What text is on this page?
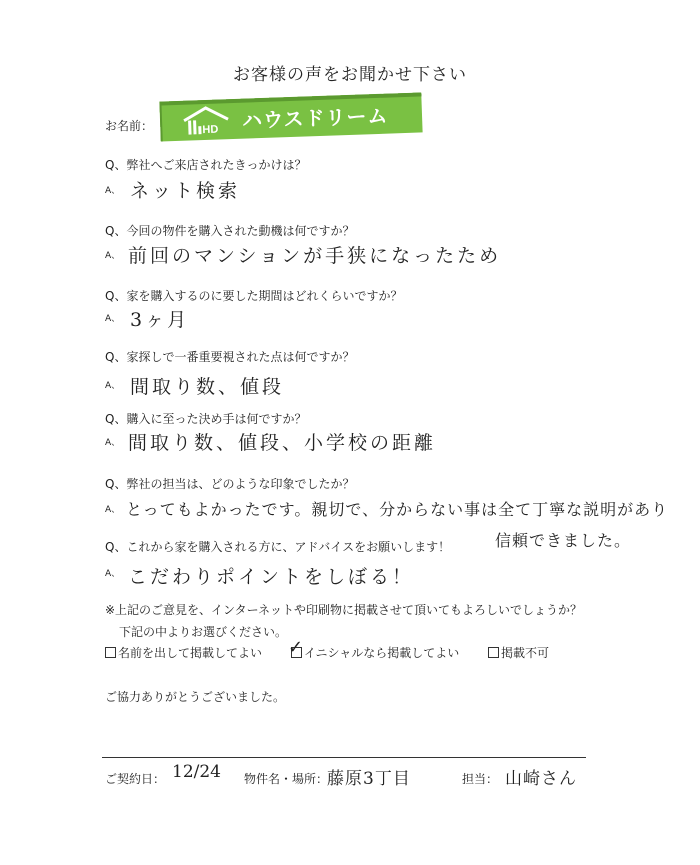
お客様の声をお聞かせ下さい
お名前：	HD ハウスドリーム
Q、弊社へご来店されたきっかけは？
A、 ネット検索
Q、今回の物件を購入された動機は何ですか？
A、 前回のマンションが手狭になったため
Q、家を購入するのに要した期間はどれくらいですか？
A、 3ヶ月
Q、家探しで一番重要視された点は何ですか？
A、 間取り数、値段
Q、購入に至った決め手は何ですか？
A、 間取り数、値段、小学校の距離
Q、弊社の担当は、どのような印象でしたか？
A、 とってもよかったです。親切で、分からない事は全て丁寧な説明があり
信頼できました。
Q、これから家を購入される方に、アドバイスをお願いします！
A、 こだわりポイントをしぼる！
※上記のご意見を、インターネットや印刷物に掲載させて頂いてもよろしいでしょうか？
下記の中よりお選びください。
名前を出して掲載してよい	イニシャルなら掲載してよい
✓	掲載不可
ご協力ありがとうございました。
ご契約日： 12/24 物件名・場所：
藤原3丁目	担当： 山崎さん
